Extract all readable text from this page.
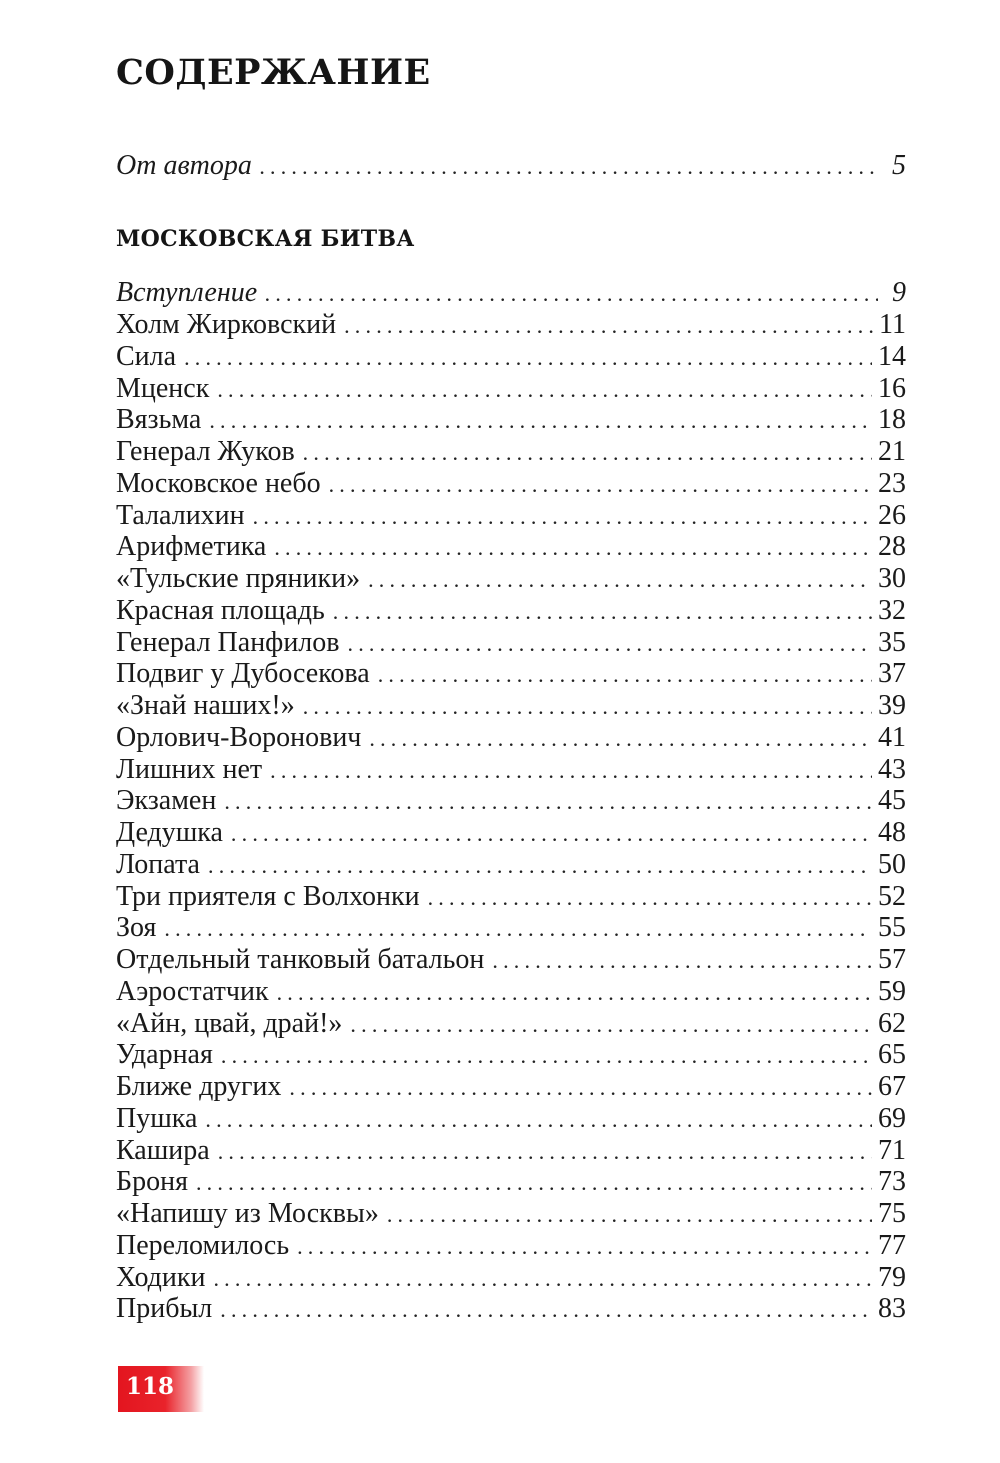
СОДЕРЖАНИЕ
От автора .....	5
МОСКОВСКАЯ БИТВА
Вступление .....	9
Холм Жирковский .....	11
Сила .....	14
Мценск .....	16
Вязьма .....	18
Генерал Жуков .....	21
Московское небо .....	23
Талалихин .....	26
Арифметика .....	28
«Тульские пряники» .....	30
Красная площадь .....	32
Генерал Панфилов .....	35
Подвиг у Дубосекова .....	37
«Знай наших!» .....	39
Орлович-Воронович .....	41
Лишних нет .....	43
Экзамен .....	45
Дедушка .....	48
Лопата .....	50
Три приятеля с Волхонки .....	52
Зоя .....	55
Отдельный танковый батальон .....	57
Аэростатчик .....	59
«Айн, цвай, драй!» .....	62
Ударная .....	65
Ближе других .....	67
Пушка .....	69
Кашира .....	71
Броня .....	73
«Напишу из Москвы» .....	75
Переломилось .....	77
Ходики .....	79
Прибыл .....	83
118
